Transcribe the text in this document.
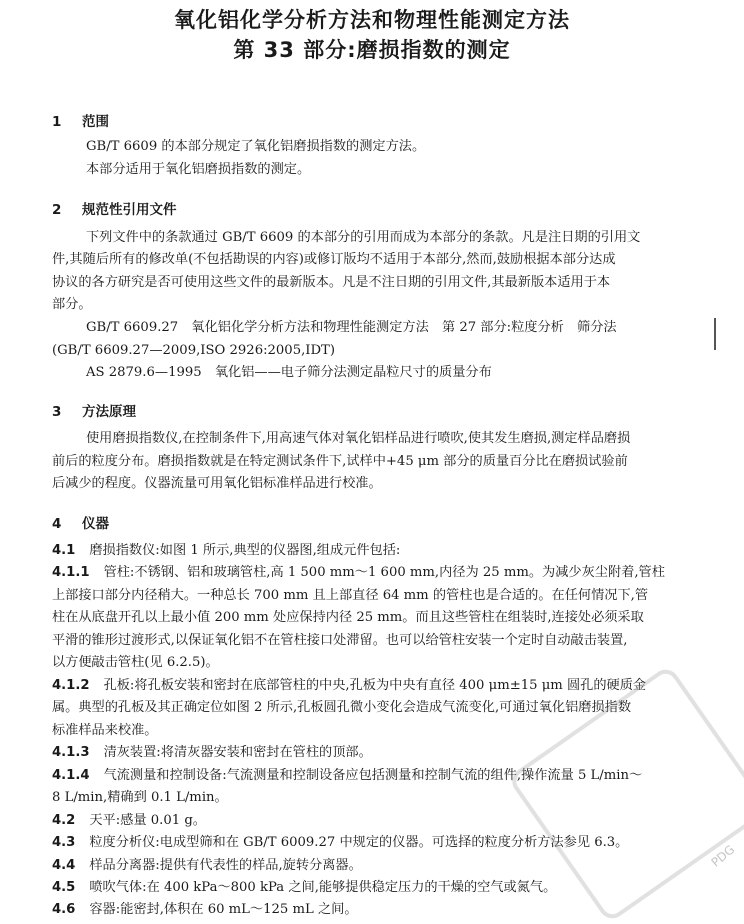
氧化铝化学分析方法和物理性能测定方法
第 33 部分:磨损指数的测定
1 范围
GB/T 6609 的本部分规定了氧化铝磨损指数的测定方法。
本部分适用于氧化铝磨损指数的测定。
2 规范性引用文件
下列文件中的条款通过 GB/T 6609 的本部分的引用而成为本部分的条款。凡是注日期的引用文
件,其随后所有的修改单(不包括勘误的内容)或修订版均不适用于本部分,然而,鼓励根据本部分达成
协议的各方研究是否可使用这些文件的最新版本。凡是不注日期的引用文件,其最新版本适用于本
部分。
GB/T 6609.27　氧化铝化学分析方法和物理性能测定方法　第 27 部分:粒度分析　筛分法
(GB/T 6609.27—2009,ISO 2926:2005,IDT)
AS 2879.6—1995　氧化铝——电子筛分法测定晶粒尺寸的质量分布
3 方法原理
使用磨损指数仪,在控制条件下,用高速气体对氧化铝样品进行喷吹,使其发生磨损,测定样品磨损
前后的粒度分布。磨损指数就是在特定测试条件下,试样中+45 μm 部分的质量百分比在磨损试验前
后减少的程度。仪器流量可用氧化铝标准样品进行校准。
4 仪器
4.1 磨损指数仪:如图 1 所示,典型的仪器图,组成元件包括:
4.1.1 管柱:不锈钢、铝和玻璃管柱,高 1 500 mm～1 600 mm,内径为 25 mm。为减少灰尘附着,管柱
上部接口部分内径稍大。一种总长 700 mm 且上部直径 64 mm 的管柱也是合适的。在任何情况下,管
柱在从底盘开孔以上最小值 200 mm 处应保持内径 25 mm。而且这些管柱在组装时,连接处必须采取
平滑的锥形过渡形式,以保证氧化铝不在管柱接口处滞留。也可以给管柱安装一个定时自动敲击装置,
以方便敲击管柱(见 6.2.5)。
4.1.2 孔板:将孔板安装和密封在底部管柱的中央,孔板为中央有直径 400 μm±15 μm 圆孔的硬质金
属。典型的孔板及其正确定位如图 2 所示,孔板圆孔微小变化会造成气流变化,可通过氧化铝磨损指数
标准样品来校准。
4.1.3 清灰装置:将清灰器安装和密封在管柱的顶部。
4.1.4 气流测量和控制设备:气流测量和控制设备应包括测量和控制气流的组件,操作流量 5 L/min～
8 L/min,精确到 0.1 L/min。
4.2 天平:感量 0.01 g。
4.3 粒度分析仪:电成型筛和在 GB/T 6009.27 中规定的仪器。可选择的粒度分析方法参见 6.3。
4.4 样品分离器:提供有代表性的样品,旋转分离器。
4.5 喷吹气体:在 400 kPa～800 kPa 之间,能够提供稳定压力的干燥的空气或氮气。
4.6 容器:能密封,体积在 60 mL～125 mL 之间。
PDG
